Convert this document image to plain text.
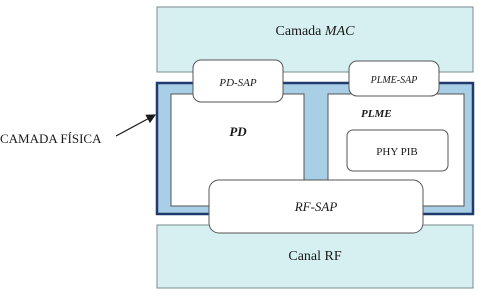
Camada MAC
PD
PLME
PHY PIB
PD-SAP	PLME-SAP
Canal RF
RF-SAP
CAMADA FÍSICA
